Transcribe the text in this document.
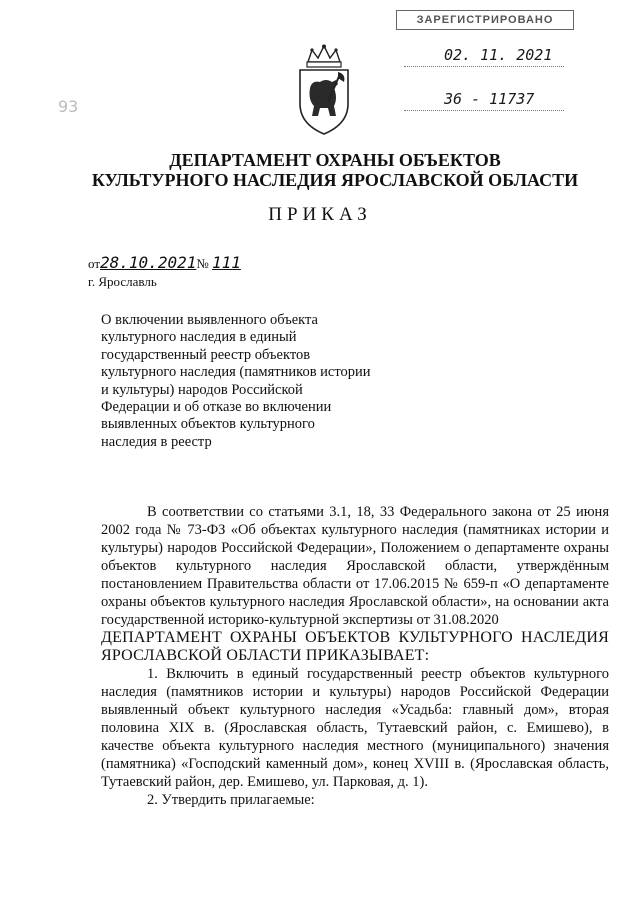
ЗАРЕГИСТРИРОВАНО
02. 11. 2021
36 - 11737
93
ДЕПАРТАМЕНТ ОХРАНЫ ОБЪЕКТОВ
КУЛЬТУРНОГО НАСЛЕДИЯ ЯРОСЛАВСКОЙ ОБЛАСТИ
ПРИКАЗ
от28.10.2021№ 111
г. Ярославль
О включении выявленного объекта культурного наследия в единый государственный реестр объектов культурного наследия (памятников истории и культуры) народов Российской Федерации и об отказе во включении выявленных объектов культурного наследия в реестр

В соответствии со статьями 3.1, 18, 33 Федерального закона от 25 июня 2002 года № 73-ФЗ «Об объектах культурного наследия (памятниках истории и культуры) народов Российской Федерации», Положением о департаменте охраны объектов культурного наследия Ярославской области, утверждённым постановлением Правительства области от 17.06.2015 № 659-п «О департаменте охраны объектов культурного наследия Ярославской области», на основании акта государственной историко-культурной экспертизы от 31.08.2020

ДЕПАРТАМЕНТ ОХРАНЫ ОБЪЕКТОВ КУЛЬТУРНОГО НАСЛЕДИЯ ЯРОСЛАВСКОЙ ОБЛАСТИ ПРИКАЗЫВАЕТ:

1. Включить в единый государственный реестр объектов культурного наследия (памятников истории и культуры) народов Российской Федерации выявленный объект культурного наследия «Усадьба: главный дом», вторая половина XIX в. (Ярославская область, Тутаевский район, с. Емишево), в качестве объекта культурного наследия местного (муниципального) значения (памятника) «Господский каменный дом», конец XVIII в. (Ярославская область, Тутаевский район, дер. Емишево, ул. Парковая, д. 1).

2. Утвердить прилагаемые:
